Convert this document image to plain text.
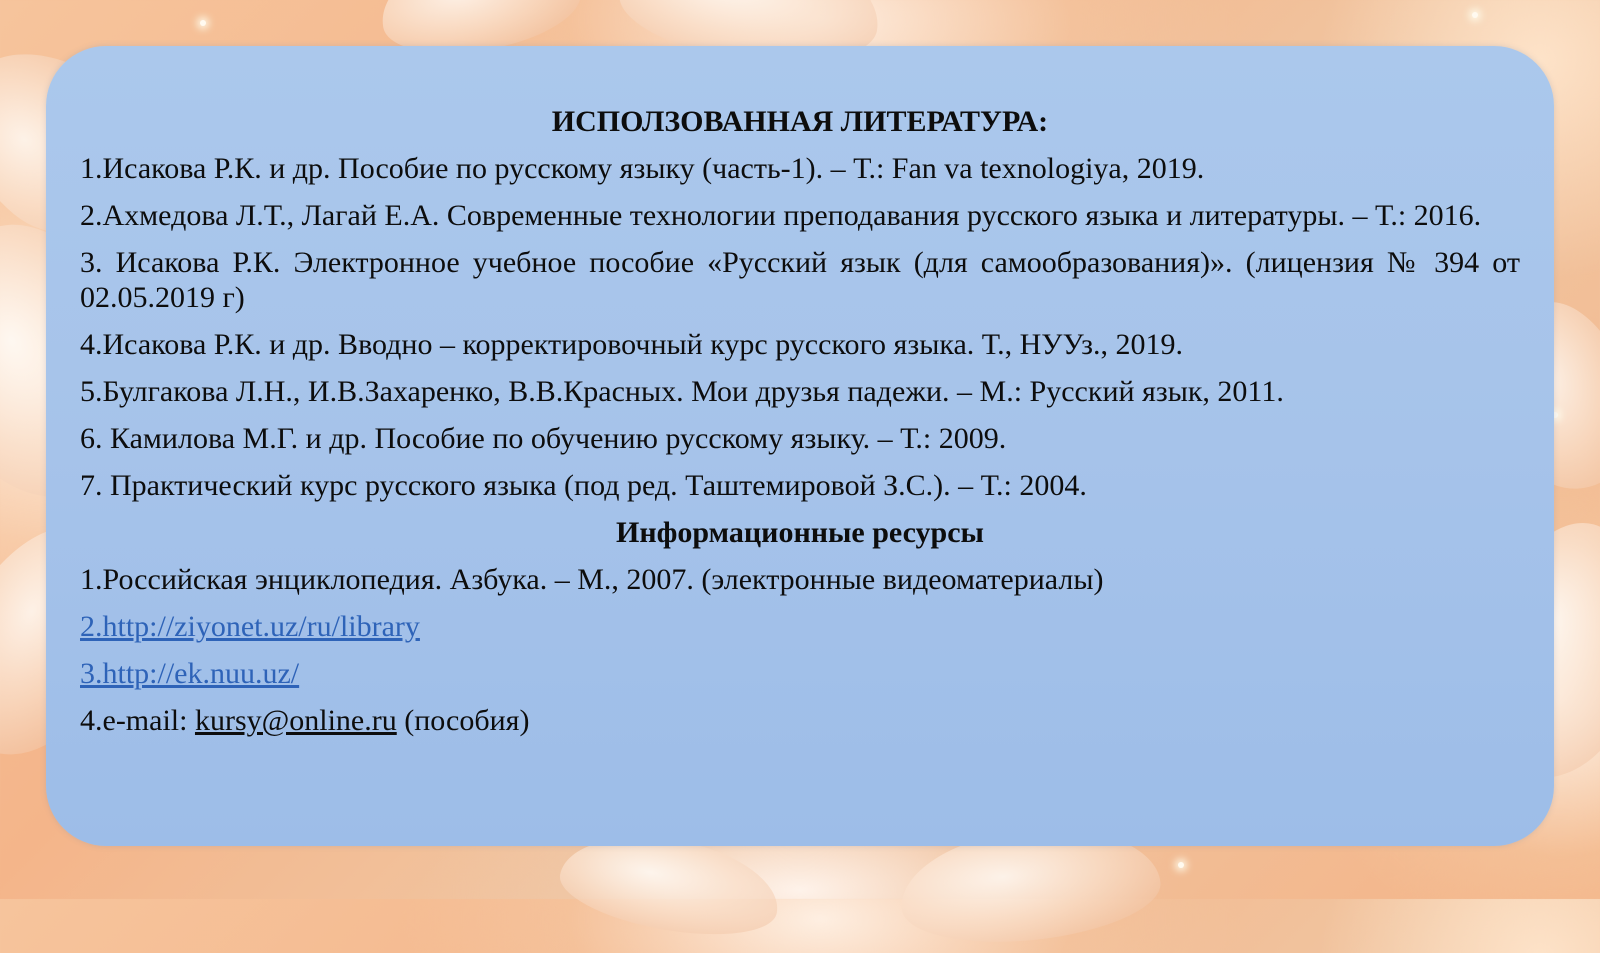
ИСПОЛЗОВАННАЯ ЛИТЕРАТУРА:
1.Исакова Р.К. и др. Пособие по русскому языку (часть-1). – Т.: Fan va texnologiya, 2019.
2.Ахмедова Л.Т., Лагай Е.А. Современные технологии преподавания русского языка и литературы. – Т.: 2016.
3. Исакова Р.К. Электронное учебное пособие «Русский язык (для самообразования)». (лицензия № 394 от 02.05.2019 г)
4.Исакова Р.К. и др. Вводно – корректировочный курс русского языка. Т., НУУз., 2019.
5.Булгакова Л.Н., И.В.Захаренко, В.В.Красных. Мои друзья падежи. – М.: Русский язык, 2011.
6. Камилова М.Г. и др. Пособие по обучению русскому языку. – Т.: 2009.
7. Практический курс русского языка (под ред. Таштемировой З.С.). – Т.: 2004.
Информационные ресурсы
1.Российская энциклопедия. Азбука. – М., 2007. (электронные видеоматериалы)
2.http://ziyonet.uz/ru/library
3.http://ek.nuu.uz/
4.e-mail: kursy@online.ru (пособия)
